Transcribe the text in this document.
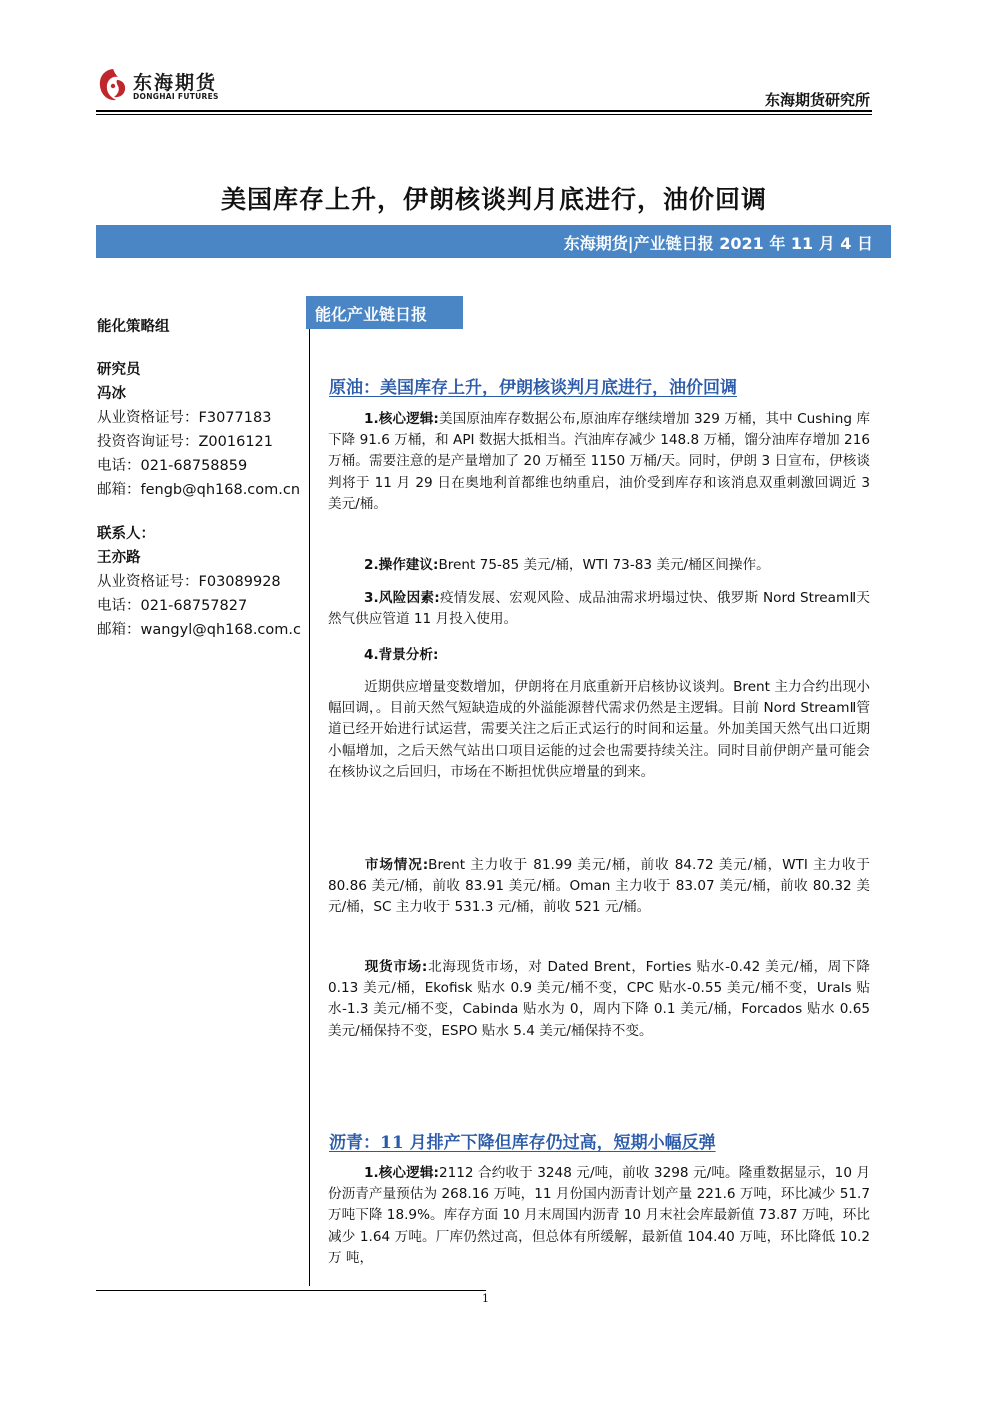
东海期货
DONGHAI FUTURES	东海期货研究所
美国库存上升，伊朗核谈判月底进行，油价回调
东海期货|产业链日报 2021 年 11 月 4 日
能化策略组
研究员
冯冰
从业资格证号：F3077183
投资咨询证号：Z0016121
电话：021-68758859
邮箱：fengb@qh168.com.cn
联系人：
王亦路
从业资格证号：F03089928
电话：021-68757827
邮箱：wangyl@qh168.com.c
能化产业链日报
原油：美国库存上升，伊朗核谈判月底进行，油价回调
1.核心逻辑:美国原油库存数据公布,原油库存继续增加 329 万桶，其中 Cushing 库下降 91.6 万桶，和 API 数据大抵相当。汽油库存减少 148.8 万桶，馏分油库存增加 216 万桶。需要注意的是产量增加了 20 万桶至 1150 万桶/天。同时，伊朗 3 日宣布，伊核谈判将于 11 月 29 日在奥地利首都维也纳重启，油价受到库存和该消息双重刺激回调近 3 美元/桶。
2.操作建议:Brent 75-85 美元/桶，WTI 73-83 美元/桶区间操作。
3.风险因素:疫情发展、宏观风险、成品油需求坍塌过快、俄罗斯 Nord StreamⅡ天然气供应管道 11 月投入使用。
4.背景分析:
近期供应增量变数增加，伊朗将在月底重新开启核协议谈判。Brent 主力合约出现小幅回调，。目前天然气短缺造成的外溢能源替代需求仍然是主逻辑。目前 Nord StreamⅡ管道已经开始进行试运营，需要关注之后正式运行的时间和运量。外加美国天然气出口近期小幅增加，之后天然气站出口项目运能的过会也需要持续关注。同时目前伊朗产量可能会在核协议之后回归，市场在不断担忧供应增量的到来。
市场情况:Brent 主力收于 81.99 美元/桶，前收 84.72 美元/桶，WTI 主力收于 80.86 美元/桶，前收 83.91 美元/桶。Oman 主力收于 83.07 美元/桶，前收 80.32 美元/桶，SC 主力收于 531.3 元/桶，前收 521 元/桶。
现货市场:北海现货市场，对 Dated Brent，Forties 贴水-0.42 美元/桶，周下降 0.13 美元/桶，Ekofisk 贴水 0.9 美元/桶不变，CPC 贴水-0.55 美元/桶不变，Urals 贴水-1.3 美元/桶不变，Cabinda 贴水为 0，周内下降 0.1 美元/桶，Forcados 贴水 0.65 美元/桶保持不变，ESPO 贴水 5.4 美元/桶保持不变。
沥青：11 月排产下降但库存仍过高，短期小幅反弹
1.核心逻辑:2112 合约收于 3248 元/吨，前收 3298 元/吨。隆重数据显示，10 月份沥青产量预估为 268.16 万吨，11 月份国内沥青计划产量 221.6 万吨，环比减少 51.7 万吨下降 18.9%。库存方面 10 月末周国内沥青 10 月末社会库最新值 73.87 万吨，环比减少 1.64 万吨。厂库仍然过高，但总体有所缓解，最新值 104.40 万吨，环比降低 10.2 万 吨，
1
